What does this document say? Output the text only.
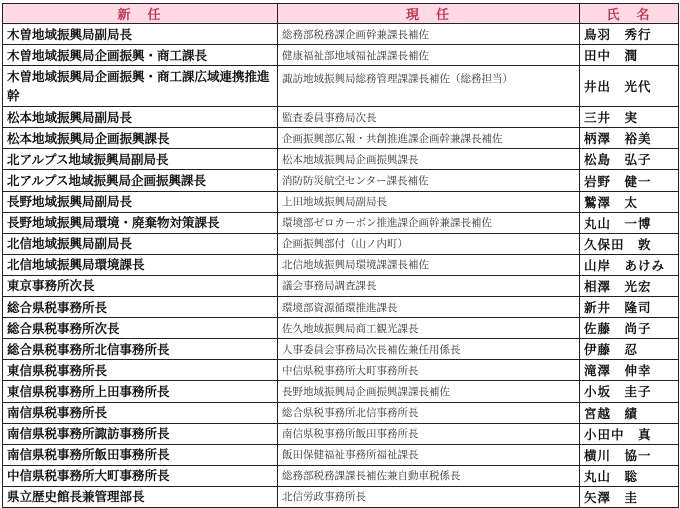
新　任	現　任	氏　名
木曽地域振興局副局長	総務部税務課企画幹兼課長補佐	鳥羽　秀行
木曽地域振興局企画振興・商工課長	健康福祉部地域福祉課課長補佐	田中　潤
木曽地域振興局企画振興・商工課広域連携推進幹	諏訪地域振興局総務管理課課長補佐（総務担当）	井出　光代
松本地域振興局副局長	監査委員事務局次長	三井　実
松本地域振興局企画振興課長	企画振興部広報・共創推進課企画幹兼課長補佐	柄澤　裕美
北アルプス地域振興局副局長	松本地域振興局企画振興課長	松島　弘子
北アルプス地域振興局企画振興課長	消防防災航空センター課長補佐	岩野　健一
長野地域振興局副局長	上田地域振興局副局長	鷲澤　太
長野地域振興局環境・廃棄物対策課長	環境部ゼロカーボン推進課企画幹兼課長補佐	丸山　一博
北信地域振興局副局長	企画振興部付（山ノ内町）	久保田　敦
北信地域振興局環境課長	北信地域振興局環境課課長補佐	山岸　あけみ
東京事務所次長	議会事務局調査課長	相澤　光宏
総合県税事務所長	環境部資源循環推進課長	新井　隆司
総合県税事務所次長	佐久地域振興局商工観光課長	佐藤　尚子
総合県税事務所北信事務所長	人事委員会事務局次長補佐兼任用係長	伊藤　忍
東信県税事務所長	中信県税事務所大町事務所長	滝澤　伸幸
東信県税事務所上田事務所長	長野地域振興局企画振興課課長補佐	小坂　圭子
南信県税事務所長	総合県税事務所北信事務所長	宮越　績
南信県税事務所諏訪事務所長	南信県税事務所飯田事務所長	小田中　真
南信県税事務所飯田事務所長	飯田保健福祉事務所福祉課長	横川　協一
中信県税事務所大町事務所長	総務部税務課課長補佐兼自動車税係長	丸山　聡
県立歴史館長兼管理部長	北信労政事務所長	矢澤　圭
